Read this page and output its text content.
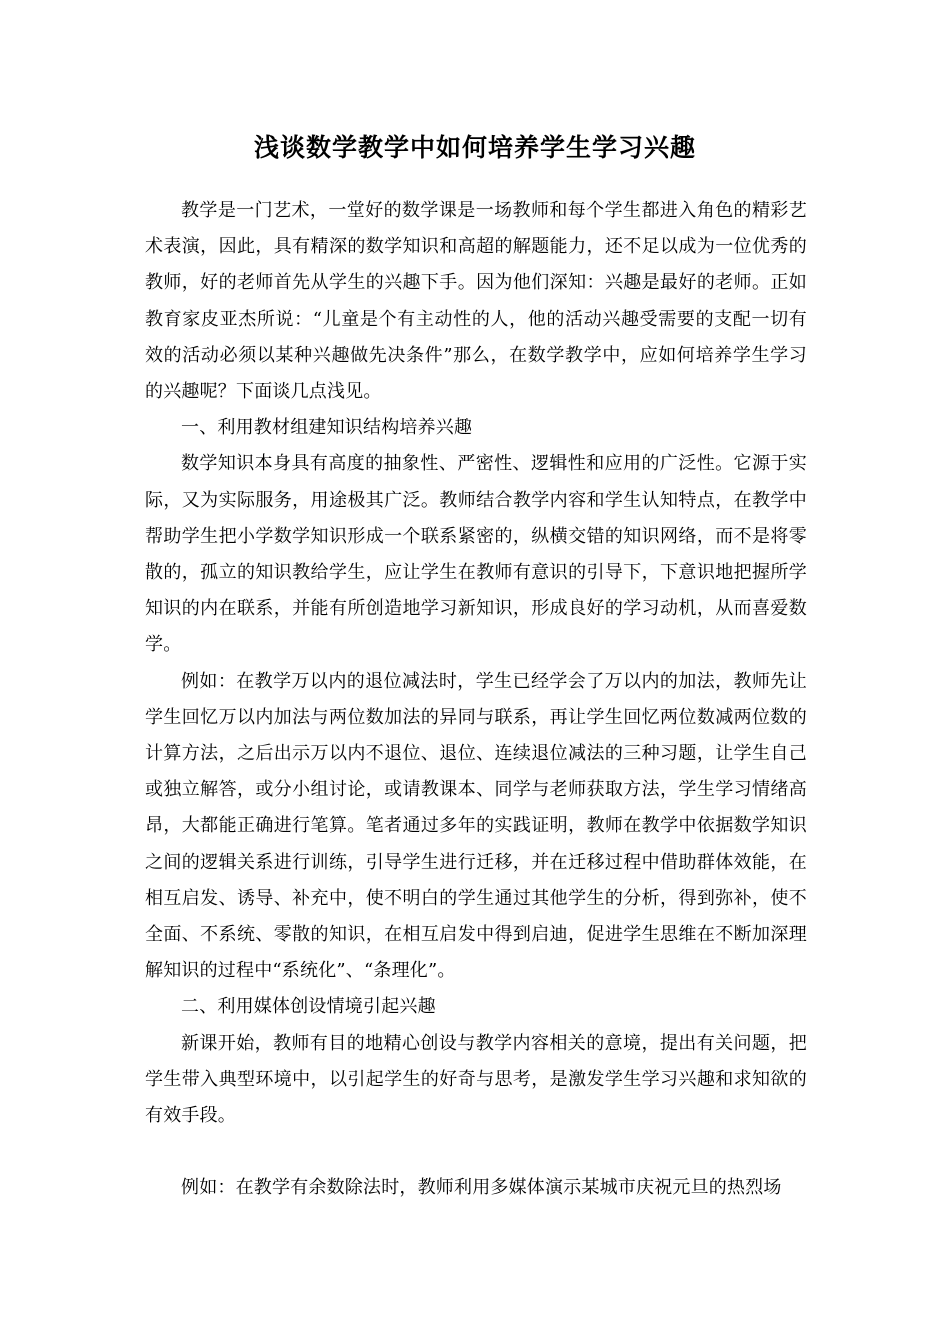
浅谈数学教学中如何培养学生学习兴趣

教学是一门艺术，一堂好的数学课是一场教师和每个学生都进入角色的精彩艺术表演，因此，具有精深的数学知识和高超的解题能力，还不足以成为一位优秀的教师，好的老师首先从学生的兴趣下手。因为他们深知：兴趣是最好的老师。正如教育家皮亚杰所说：“儿童是个有主动性的人，他的活动兴趣受需要的支配一切有效的活动必须以某种兴趣做先决条件”那么，在数学教学中，应如何培养学生学习的兴趣呢？下面谈几点浅见。

一、利用教材组建知识结构培养兴趣

数学知识本身具有高度的抽象性、严密性、逻辑性和应用的广泛性。它源于实际，又为实际服务，用途极其广泛。教师结合教学内容和学生认知特点，在教学中帮助学生把小学数学知识形成一个联系紧密的，纵横交错的知识网络，而不是将零散的，孤立的知识教给学生，应让学生在教师有意识的引导下，下意识地把握所学知识的内在联系，并能有所创造地学习新知识，形成良好的学习动机，从而喜爱数学。

例如：在教学万以内的退位减法时，学生已经学会了万以内的加法，教师先让学生回忆万以内加法与两位数加法的异同与联系，再让学生回忆两位数减两位数的计算方法，之后出示万以内不退位、退位、连续退位减法的三种习题，让学生自己或独立解答，或分小组讨论，或请教课本、同学与老师获取方法，学生学习情绪高昂，大都能正确进行笔算。笔者通过多年的实践证明，教师在教学中依据数学知识之间的逻辑关系进行训练，引导学生进行迁移，并在迁移过程中借助群体效能，在相互启发、诱导、补充中，使不明白的学生通过其他学生的分析，得到弥补，使不全面、不系统、零散的知识，在相互启发中得到启迪，促进学生思维在不断加深理解知识的过程中“系统化”、“条理化”。

二、利用媒体创设情境引起兴趣

新课开始，教师有目的地精心创设与教学内容相关的意境，提出有关问题，把学生带入典型环境中，以引起学生的好奇与思考，是激发学生学习兴趣和求知欲的有效手段。

例如：在教学有余数除法时，教师利用多媒体演示某城市庆祝元旦的热烈场
